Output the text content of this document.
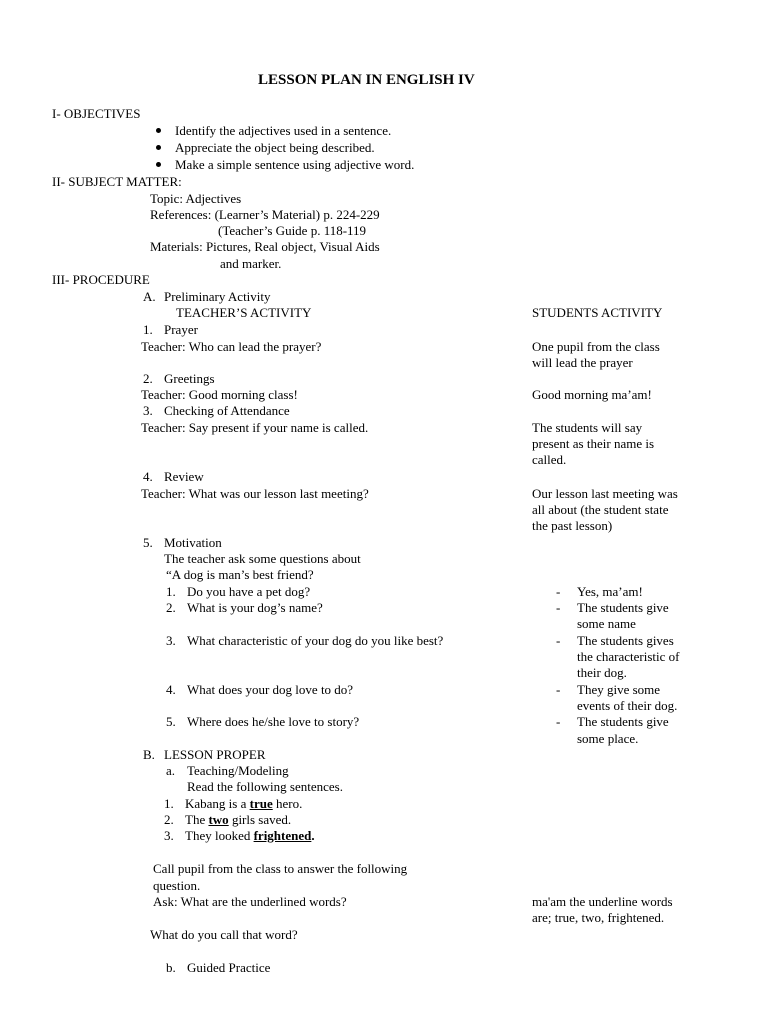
LESSON PLAN IN ENGLISH IV
I- OBJECTIVES
Identify the adjectives used in a sentence.
Appreciate the object being described.
Make a simple sentence using adjective word.
II- SUBJECT MATTER:
Topic: Adjectives
References: (Learner’s Material) p. 224-229
(Teacher’s Guide p. 118-119
Materials: Pictures, Real object, Visual Aids
and marker.
III- PROCEDURE
A. Preliminary Activity
TEACHER’S ACTIVITY	STUDENTS ACTIVITY
1. Prayer
Teacher: Who can lead the prayer?	One pupil from the class
will lead the prayer
2. Greetings
Teacher: Good morning class!	Good morning ma’am!
3. Checking of Attendance
Teacher: Say present if your name is called.	The students will say
present as their name is
called.
4. Review
Teacher: What was our lesson last meeting?	Our lesson last meeting was
all about (the student state
the past lesson)
5. Motivation
The teacher ask some questions about
“A dog is man’s best friend?
1. Do you have a pet dog?	- Yes, ma’am!
2. What is your dog’s name?	- The students give
some name
3. What characteristic of your dog do you like best?	- The students gives
the characteristic of
their dog.
4. What does your dog love to do?	- They give some
events of their dog.
5. Where does he/she love to story?	- The students give
some place.
B. LESSON PROPER
a. Teaching/Modeling
Read the following sentences.
1. Kabang is a true hero.
2. The two girls saved.
3. They looked frightened.
Call pupil from the class to answer the following
question.
Ask: What are the underlined words?	ma'am the underline words
are; true, two, frightened.
What do you call that word?
b. Guided Practice
